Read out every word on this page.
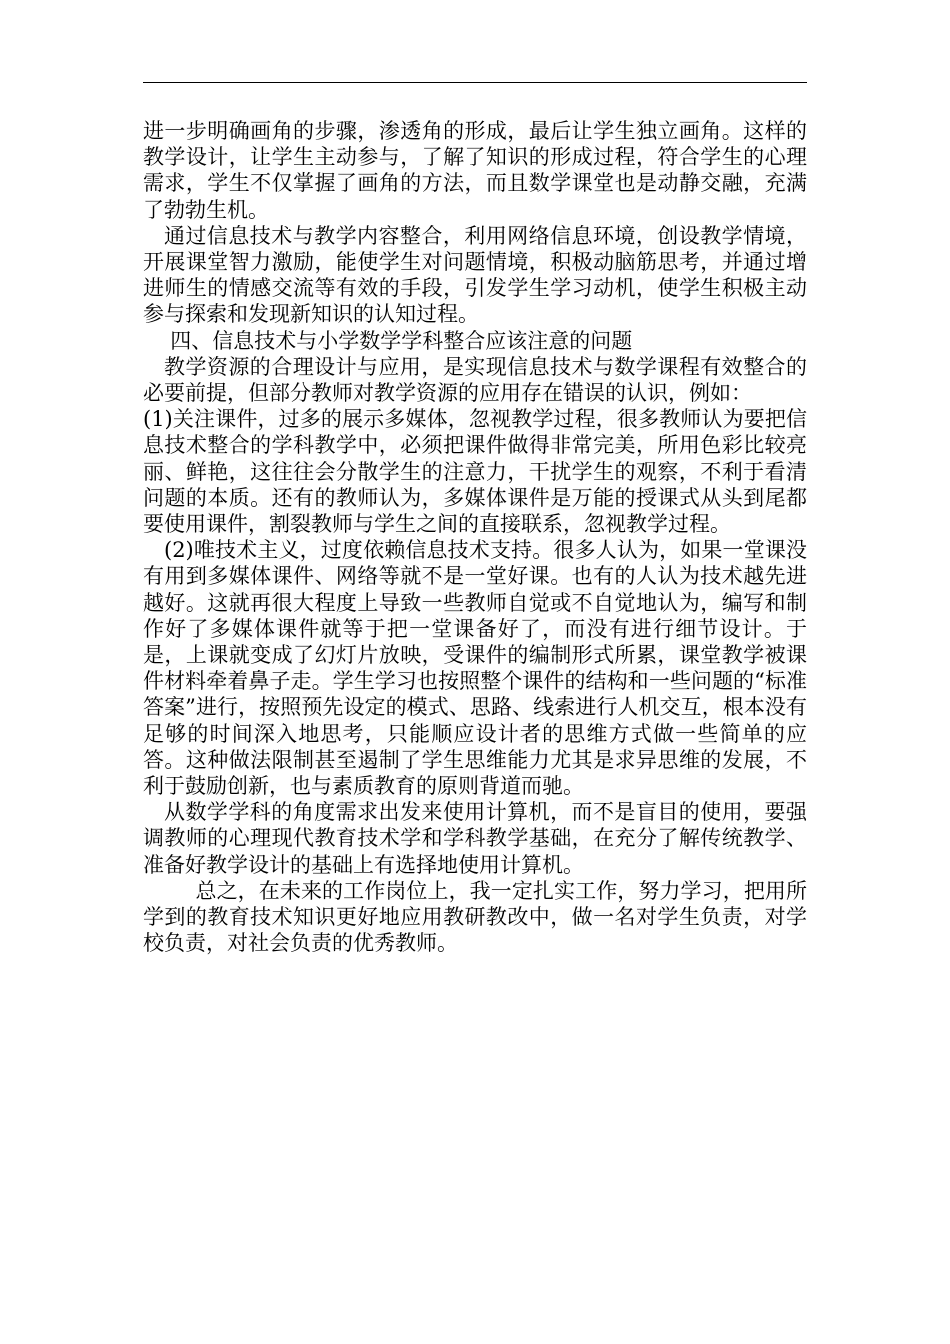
进一步明确画角的步骤，渗透角的形成，最后让学生独立画角。这样的教学设计，让学生主动参与，了解了知识的形成过程，符合学生的心理需求，学生不仅掌握了画角的方法，而且数学课堂也是动静交融，充满了勃勃生机。

通过信息技术与教学内容整合，利用网络信息环境，创设教学情境，开展课堂智力激励，能使学生对问题情境，积极动脑筋思考，并通过增进师生的情感交流等有效的手段，引发学生学习动机，使学生积极主动参与探索和发现新知识的认知过程。

四、信息技术与小学数学学科整合应该注意的问题

教学资源的合理设计与应用，是实现信息技术与数学课程有效整合的必要前提，但部分教师对教学资源的应用存在错误的认识，例如：

(1)关注课件，过多的展示多媒体，忽视教学过程，很多教师认为要把信息技术整合的学科教学中，必须把课件做得非常完美，所用色彩比较亮丽、鲜艳，这往往会分散学生的注意力，干扰学生的观察，不利于看清问题的本质。还有的教师认为，多媒体课件是万能的授课式从头到尾都要使用课件，割裂教师与学生之间的直接联系，忽视教学过程。

(2)唯技术主义，过度依赖信息技术支持。很多人认为，如果一堂课没有用到多媒体课件、网络等就不是一堂好课。也有的人认为技术越先进越好。这就再很大程度上导致一些教师自觉或不自觉地认为，编写和制作好了多媒体课件就等于把一堂课备好了，而没有进行细节设计。于是，上课就变成了幻灯片放映，受课件的编制形式所累，课堂教学被课件材料牵着鼻子走。学生学习也按照整个课件的结构和一些问题的“标准答案”进行，按照预先设定的模式、思路、线索进行人机交互，根本没有足够的时间深入地思考，只能顺应设计者的思维方式做一些简单的应答。这种做法限制甚至遏制了学生思维能力尤其是求异思维的发展，不利于鼓励创新，也与素质教育的原则背道而驰。

从数学学科的角度需求出发来使用计算机，而不是盲目的使用，要强调教师的心理现代教育技术学和学科教学基础，在充分了解传统教学、准备好教学设计的基础上有选择地使用计算机。

总之，在未来的工作岗位上，我一定扎实工作，努力学习，把用所学到的教育技术知识更好地应用教研教改中，做一名对学生负责，对学校负责，对社会负责的优秀教师。
